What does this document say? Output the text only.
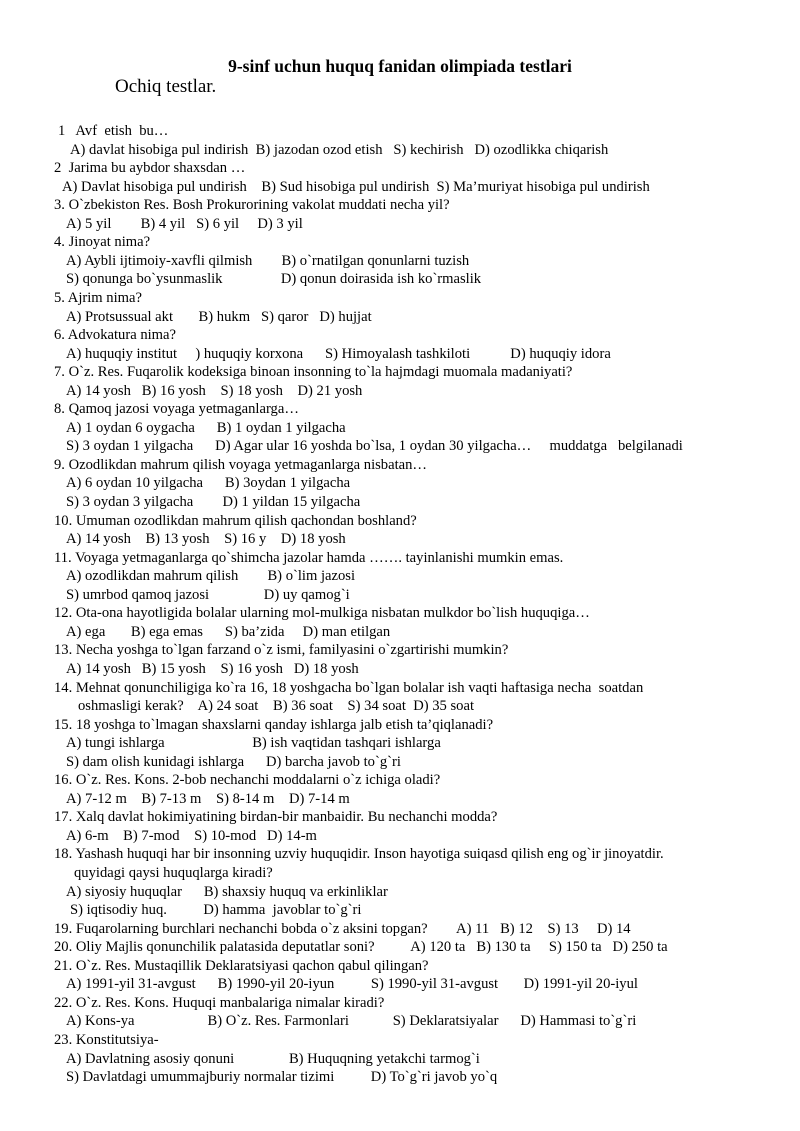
9-sinf uchun huquq fanidan olimpiada testlari
Ochiq testlar.
1   Avf  etish  bu…
A) davlat hisobiga pul indirish  B) jazodan ozod etish   S) kechirish   D) ozodlikka chiqarish
2  Jarima bu aybdor shaxsdan …
A) Davlat hisobiga pul undirish    B) Sud hisobiga pul undirish  S) Ma’muriyat hisobiga pul undirish
3. O`zbekiston Res. Bosh Prokurorining vakolat muddati necha yil?
A) 5 yil        B) 4 yil   S) 6 yil     D) 3 yil
4. Jinoyat nima?
A) Aybli ijtimoiy-xavfli qilmish        B) o`rnatilgan qonunlarni tuzish
S) qonunga bo`ysunmaslik                D) qonun doirasida ish ko`rmaslik
5. Ajrim nima?
A) Protsussual akt       B) hukm   S) qaror   D) hujjat
6. Advokatura nima?
A) huquqiy institut     ) huquqiy korxona      S) Himoyalash tashkiloti           D) huquqiy idora
7. O`z. Res. Fuqarolik kodeksiga binoan insonning to`la hajmdagi muomala madaniyati?
A) 14 yosh   B) 16 yosh    S) 18 yosh    D) 21 yosh
8. Qamoq jazosi voyaga yetmaganlarga…
A) 1 oydan 6 oygacha      B) 1 oydan 1 yilgacha
S) 3 oydan 1 yilgacha      D) Agar ular 16 yoshda bo`lsa, 1 oydan 30 yilgacha…     muddatga   belgilanadi
9. Ozodlikdan mahrum qilish voyaga yetmaganlarga nisbatan…
A) 6 oydan 10 yilgacha      B) 3oydan 1 yilgacha
S) 3 oydan 3 yilgacha        D) 1 yildan 15 yilgacha
10. Umuman ozodlikdan mahrum qilish qachondan boshland?
A) 14 yosh    B) 13 yosh    S) 16 y    D) 18 yosh
11. Voyaga yetmaganlarga qo`shimcha jazolar hamda ……. tayinlanishi mumkin emas.
A) ozodlikdan mahrum qilish        B) o`lim jazosi
S) umrbod qamoq jazosi               D) uy qamog`i
12. Ota-ona hayotligida bolalar ularning mol-mulkiga nisbatan mulkdor bo`lish huquqiga…
A) ega       B) ega emas      S) ba’zida     D) man etilgan
13. Necha yoshga to`lgan farzand o`z ismi, familyasini o`zgartirishi mumkin?
A) 14 yosh   B) 15 yosh    S) 16 yosh   D) 18 yosh
14. Mehnat qonunchiligiga ko`ra 16, 18 yoshgacha bo`lgan bolalar ish vaqti haftasiga necha  soatdan
oshmasligi kerak?    A) 24 soat    B) 36 soat    S) 34 soat  D) 35 soat
15. 18 yoshga to`lmagan shaxslarni qanday ishlarga jalb etish ta’qiqlanadi?
A) tungi ishlarga                        B) ish vaqtidan tashqari ishlarga
S) dam olish kunidagi ishlarga      D) barcha javob to`g`ri
16. O`z. Res. Kons. 2-bob nechanchi moddalarni o`z ichiga oladi?
A) 7-12 m    B) 7-13 m    S) 8-14 m    D) 7-14 m
17. Xalq davlat hokimiyatining birdan-bir manbaidir. Bu nechanchi modda?
A) 6-m    B) 7-mod    S) 10-mod   D) 14-m
18. Yashash huquqi har bir insonning uzviy huquqidir. Inson hayotiga suiqasd qilish eng og`ir jinoyatdir.
quyidagi qaysi huquqlarga kiradi?
A) siyosiy huquqlar      B) shaxsiy huquq va erkinliklar
S) iqtisodiy huq.          D) hamma  javoblar to`g`ri
19. Fuqarolarning burchlari nechanchi bobda o`z aksini topgan?        A) 11   B) 12    S) 13     D) 14
20. Oliy Majlis qonunchilik palatasida deputatlar soni?          A) 120 ta   B) 130 ta     S) 150 ta   D) 250 ta
21. O`z. Res. Mustaqillik Deklaratsiyasi qachon qabul qilingan?
A) 1991-yil 31-avgust      B) 1990-yil 20-iyun          S) 1990-yil 31-avgust       D) 1991-yil 20-iyul
22. O`z. Res. Kons. Huquqi manbalariga nimalar kiradi?
A) Kons-ya                    B) O`z. Res. Farmonlari            S) Deklaratsiyalar      D) Hammasi to`g`ri
23. Konstitutsiya-
A) Davlatning asosiy qonuni               B) Huquqning yetakchi tarmog`i
S) Davlatdagi umummajburiy normalar tizimi          D) To`g`ri javob yo`q
